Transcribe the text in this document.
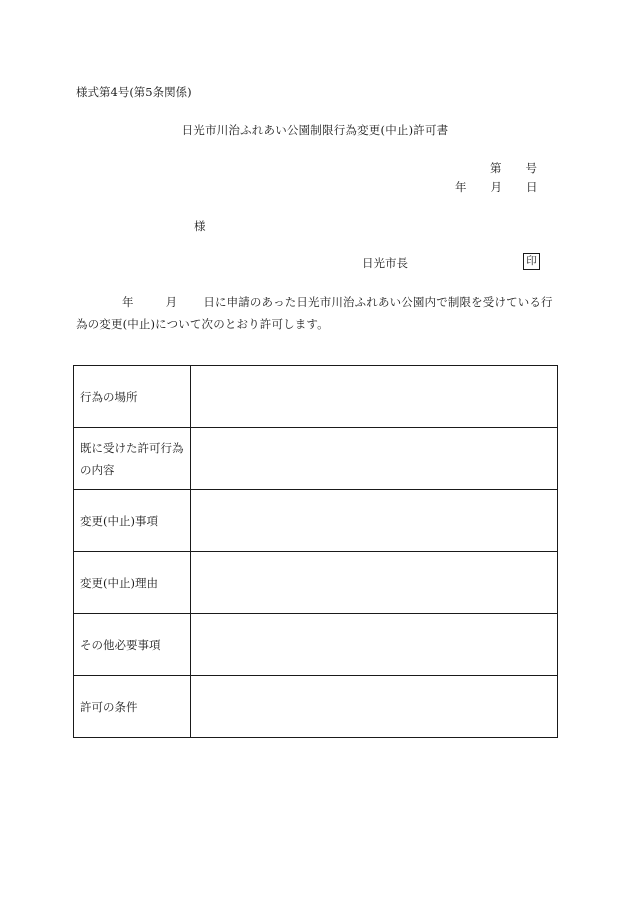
様式第4号(第5条関係)
日光市川治ふれあい公園制限行為変更(中止)許可書
第 号
年 月 日
様
日光市長	印
年	月 日に申請のあった日光市川治ふれあい公園内で制限を受けている行為の変更(中止)について次のとおり許可します。
行為の場所	
既に受けた許可行為の内容	
変更(中止)事項	
変更(中止)理由	
その他必要事項	
許可の条件	
